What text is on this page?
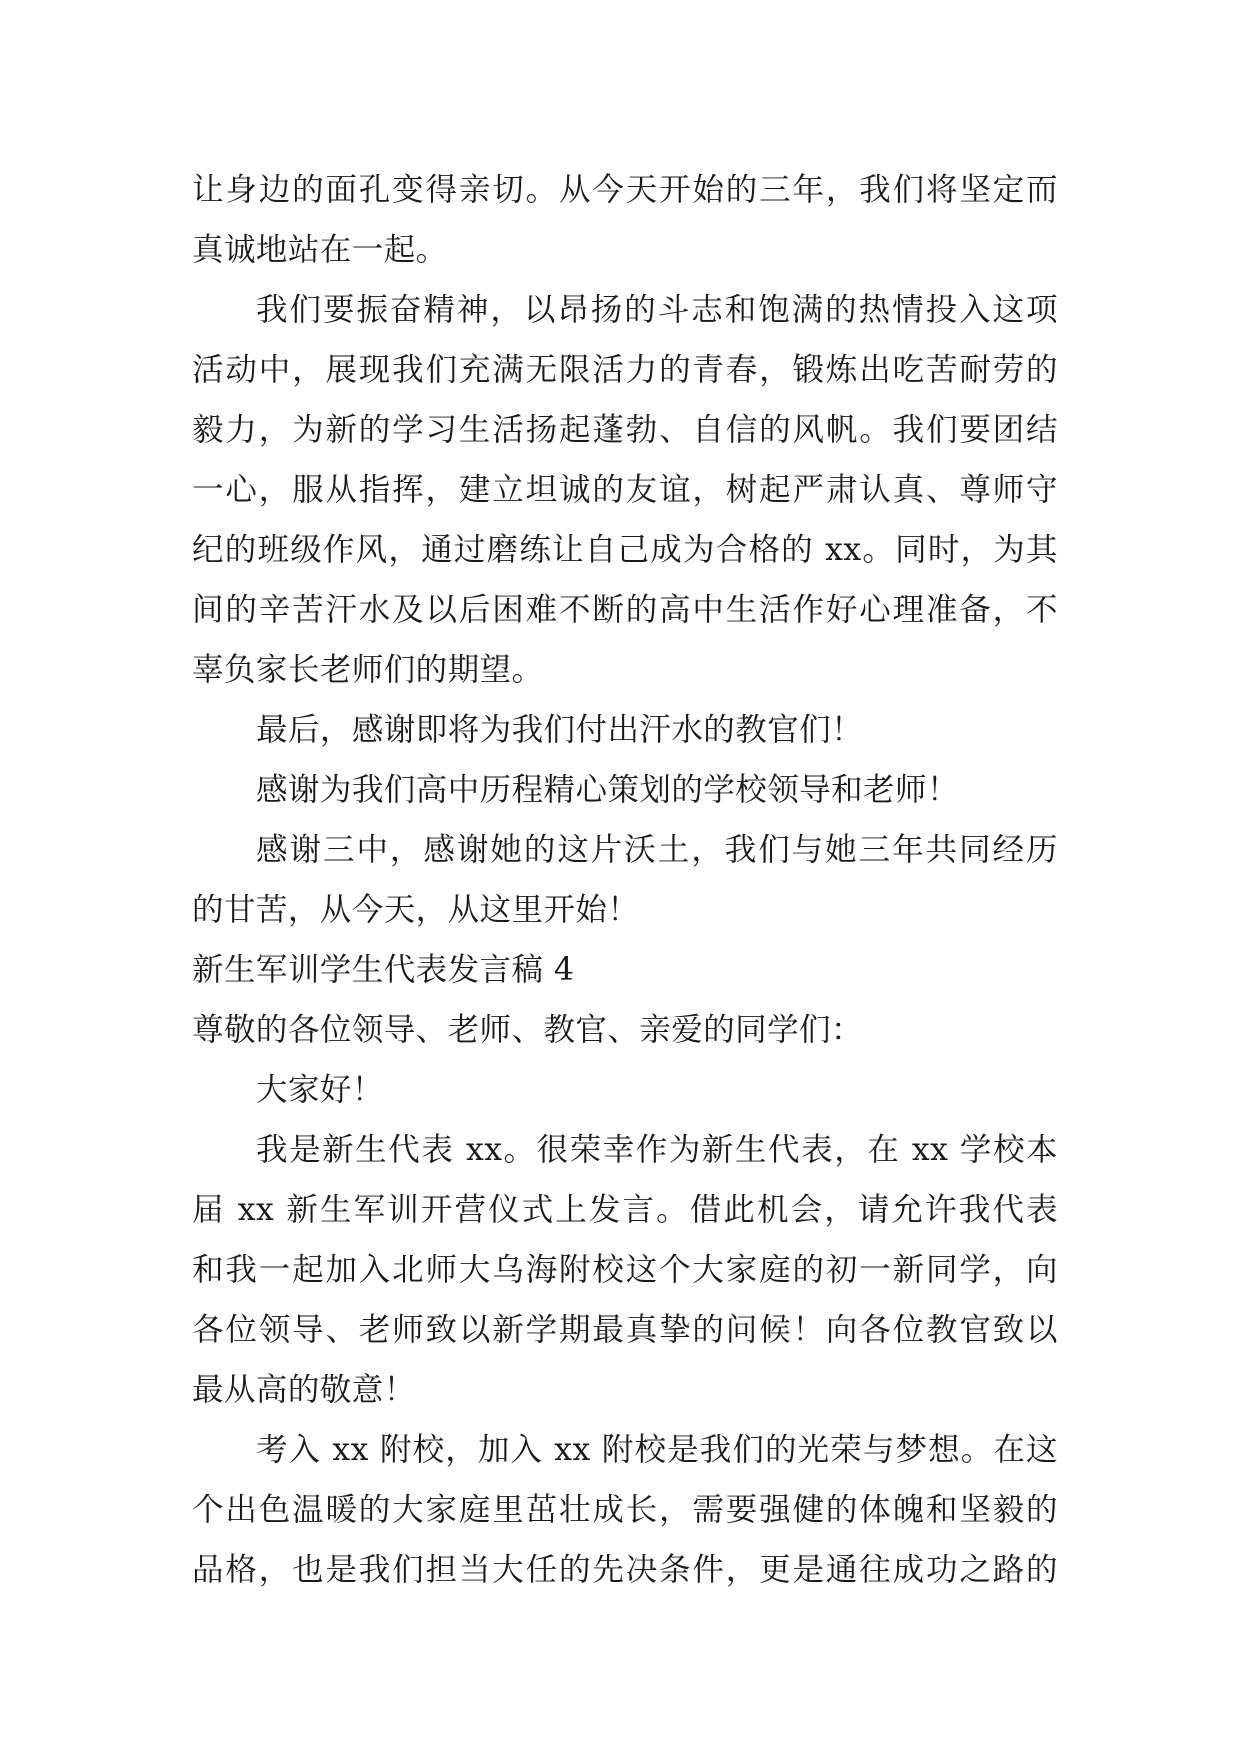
让身边的面孔变得亲切。从今天开始的三年，我们将坚定而
真诚地站在一起。
我们要振奋精神，以昂扬的斗志和饱满的热情投入这项
活动中，展现我们充满无限活力的青春，锻炼出吃苦耐劳的
毅力，为新的学习生活扬起蓬勃、自信的风帆。我们要团结
一心，服从指挥，建立坦诚的友谊，树起严肃认真、尊师守
纪的班级作风，通过磨练让自己成为合格的 xx。同时，为其
间的辛苦汗水及以后困难不断的高中生活作好心理准备，不
辜负家长老师们的期望。
最后，感谢即将为我们付出汗水的教官们！
感谢为我们高中历程精心策划的学校领导和老师！
感谢三中，感谢她的这片沃土，我们与她三年共同经历
的甘苦，从今天，从这里开始！
新生军训学生代表发言稿 4
尊敬的各位领导、老师、教官、亲爱的同学们：
大家好！
我是新生代表 xx。很荣幸作为新生代表，在 xx 学校本
届 xx 新生军训开营仪式上发言。借此机会，请允许我代表
和我一起加入北师大乌海附校这个大家庭的初一新同学，向
各位领导、老师致以新学期最真挚的问候！向各位教官致以
最从高的敬意！
考入 xx 附校，加入 xx 附校是我们的光荣与梦想。在这
个出色温暖的大家庭里茁壮成长，需要强健的体魄和坚毅的
品格，也是我们担当大任的先决条件，更是通往成功之路的
